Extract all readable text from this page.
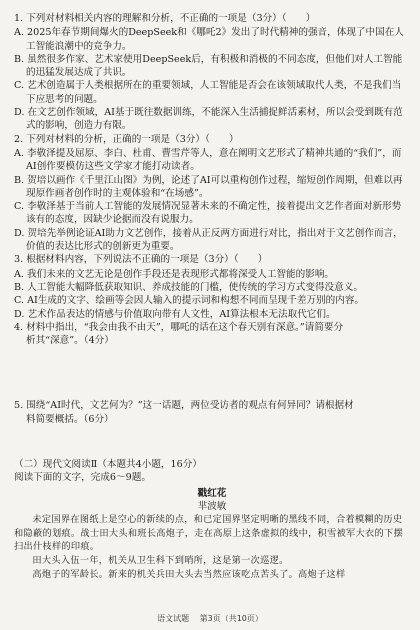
1. 下列对材料相关内容的理解和分析，不正确的一项是（3分）（　　）
A. 2025年春节期间爆火的DeepSeek和《哪吒2》发出了时代精神的强音，体现了中国在人工智能浪潮中的竞争力。
B. 虽然很多作家、艺术家使用DeepSeek后，有积极和消极的不同态度，但他们对人工智能的迅猛发展达成了共识。
C. 艺术创造属于人类根据所在的重要领域，人工智能是否会在该领域取代人类，不是我们当下应思考的问题。
D. 在文艺创作领域，AI基于既往数据训练，不能深入生活捕捉鲜活素材，所以会受到既有范式的影响，创造力有限。
2. 下列对材料的分析，正确的一项是（3分）（　　）
A. 李敬泽提及屈原、李白、杜甫、曹雪芹等人，意在阐明文艺形式了精神共通的“我们”，而AI创作要模仿这些文学家才能打动读者。
B. 贺培以画作《千里江山图》为例，论述了AI可以重构创作过程，缩短创作周期，但难以再现原作画者创作时的主观体验和“在场感”。
C. 李敬泽基于当前人工智能的发展情况显著未来的不确定性，接着提出文艺作者面对新形势该有的态度，因缺少论据而没有说服力。
D. 贺培先举例论证AI助力文艺创作，接着从正反两方面进行对比，指出对于文艺创作而言，价值的表达比形式的创新更为重要。
3. 根据材料内容，下列说法不正确的一项是（3分）（　　）
A. 我们未来的文艺无论是创作手段还是表现形式都将深受人工智能的影响。
B. 人工智能大幅降低获取知识、养成技能的门槛，使传统的学习方式变得没意义。
C. AI生成的文字、绘画等会因人输入的提示词和构想不同而呈现千差万别的内容。
D. 艺术作品表达的情感与价值取向带有人文性，AI算法根本无法取代它们。
4. 材料中指出，“我会由我不由天”，哪吒的话在这个春天别有深意。”请简要分
析其“深意”。（4分）
5. 围绕“AI时代，文艺何为？”这一话题，两位受访者的观点有何异同？请根据材
料简要概括。（6分）
（二）现代文阅读Ⅱ（本题共4小题，16分）
阅读下面的文字，完成6～9题。
戳红花
芈波敏
未定国界在图纸上是空心的新续的点，和已定国界坚定明晰的黑线不同，合着模糊的历史和隐蔽的划痕。战士田大头和班长高炮子，走在高原上这条虚拟的线中，积雪被军大衣的下摆扫出什枝样的印痕。
田大头入伍一年，机关从卫生科下到哨所，这是第一次巡逻。
高炮子的军龄长。新来的机关兵田大头去当然应该吃点苦头了。高炮子这样
语文试题 第3页（共10页）
